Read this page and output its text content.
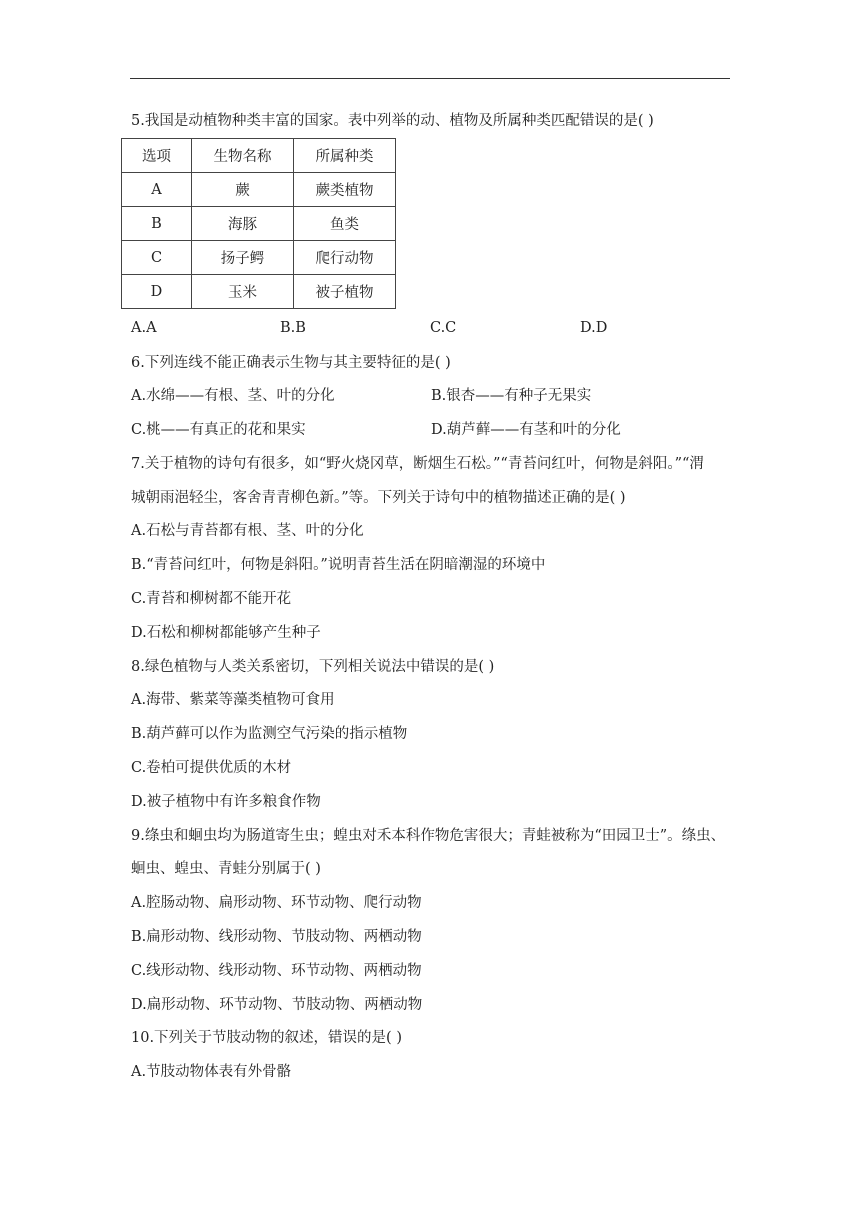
5.我国是动植物种类丰富的国家。表中列举的动、植物及所属种类匹配错误的是( )
选项	生物名称	所属种类
A	蕨	蕨类植物
B	海豚	鱼类
C	扬子鳄	爬行动物
D	玉米	被子植物
A.A	B.B	C.C	D.D
6.下列连线不能正确表示生物与其主要特征的是( )
A.水绵——有根、茎、叶的分化	B.银杏——有种子无果实
C.桃——有真正的花和果实	D.葫芦藓——有茎和叶的分化
7.关于植物的诗句有很多，如“野火烧冈草，断烟生石松。”“青苔问红叶，何物是斜阳。”“渭
城朝雨浥轻尘，客舍青青柳色新。”等。下列关于诗句中的植物描述正确的是( )
A.石松与青苔都有根、茎、叶的分化
B.“青苔问红叶，何物是斜阳。”说明青苔生活在阴暗潮湿的环境中
C.青苔和柳树都不能开花
D.石松和柳树都能够产生种子
8.绿色植物与人类关系密切，下列相关说法中错误的是( )
A.海带、紫菜等藻类植物可食用
B.葫芦藓可以作为监测空气污染的指示植物
C.卷柏可提供优质的木材
D.被子植物中有许多粮食作物
9.绦虫和蛔虫均为肠道寄生虫；蝗虫对禾本科作物危害很大；青蛙被称为“田园卫士”。绦虫、
蛔虫、蝗虫、青蛙分别属于( )
A.腔肠动物、扁形动物、环节动物、爬行动物
B.扁形动物、线形动物、节肢动物、两栖动物
C.线形动物、线形动物、环节动物、两栖动物
D.扁形动物、环节动物、节肢动物、两栖动物
10.下列关于节肢动物的叙述，错误的是( )
A.节肢动物体表有外骨骼
